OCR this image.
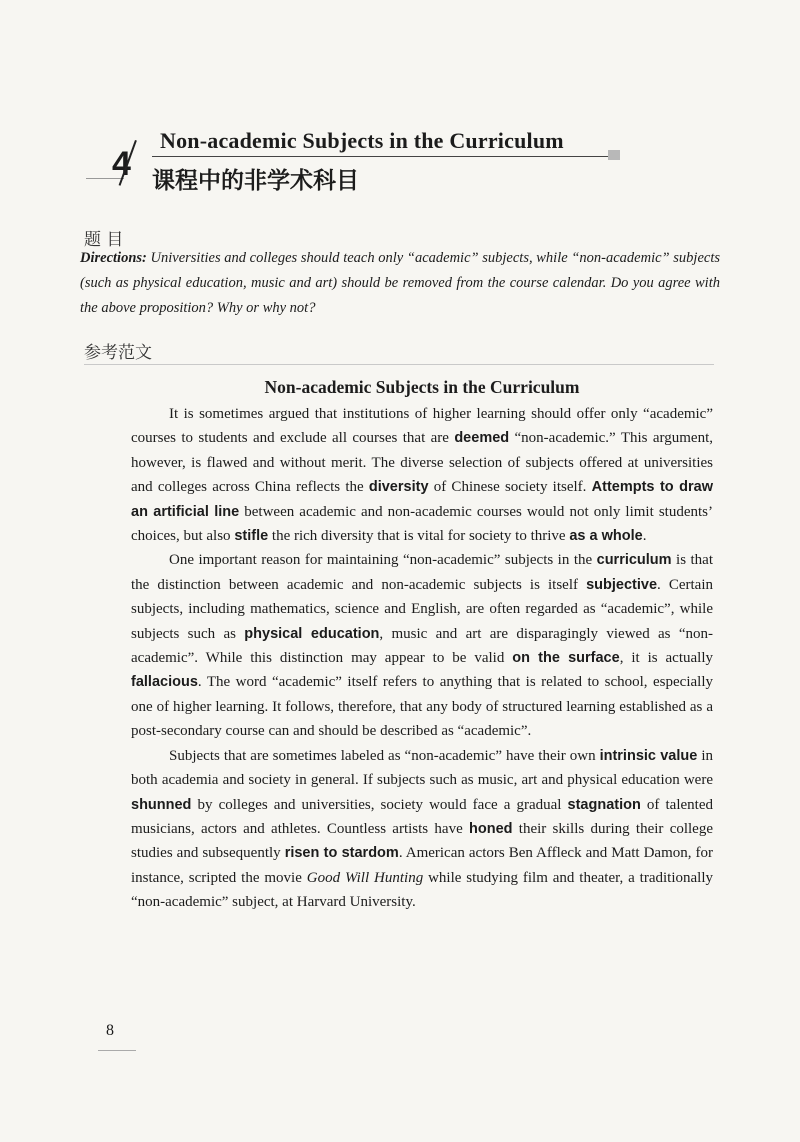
Non-academic Subjects in the Curriculum
4 课程中的非学术科目
题 目
Directions: Universities and colleges should teach only “academic” subjects, while “non-academic” subjects (such as physical education, music and art) should be removed from the course calendar. Do you agree with the above proposition? Why or why not?
参考范文
Non-academic Subjects in the Curriculum

It is sometimes argued that institutions of higher learning should offer only “academic” courses to students and exclude all courses that are deemed “non-academic.” This argument, however, is flawed and without merit. The diverse selection of subjects offered at universities and colleges across China reflects the diversity of Chinese society itself. Attempts to draw an artificial line between academic and non-academic courses would not only limit students’ choices, but also stifle the rich diversity that is vital for society to thrive as a whole.

One important reason for maintaining “non-academic” subjects in the curriculum is that the distinction between academic and non-academic subjects is itself subjective. Certain subjects, including mathematics, science and English, are often regarded as “academic”, while subjects such as physical education, music and art are disparagingly viewed as “non-academic”. While this distinction may appear to be valid on the surface, it is actually fallacious. The word “academic” itself refers to anything that is related to school, especially one of higher learning. It follows, therefore, that any body of structured learning established as a post-secondary course can and should be described as “academic”.

Subjects that are sometimes labeled as “non-academic” have their own intrinsic value in both academia and society in general. If subjects such as music, art and physical education were shunned by colleges and universities, society would face a gradual stagnation of talented musicians, actors and athletes. Countless artists have honed their skills during their college studies and subsequently risen to stardom. American actors Ben Affleck and Matt Damon, for instance, scripted the movie Good Will Hunting while studying film and theater, a traditionally “non-academic” subject, at Harvard University.

8
